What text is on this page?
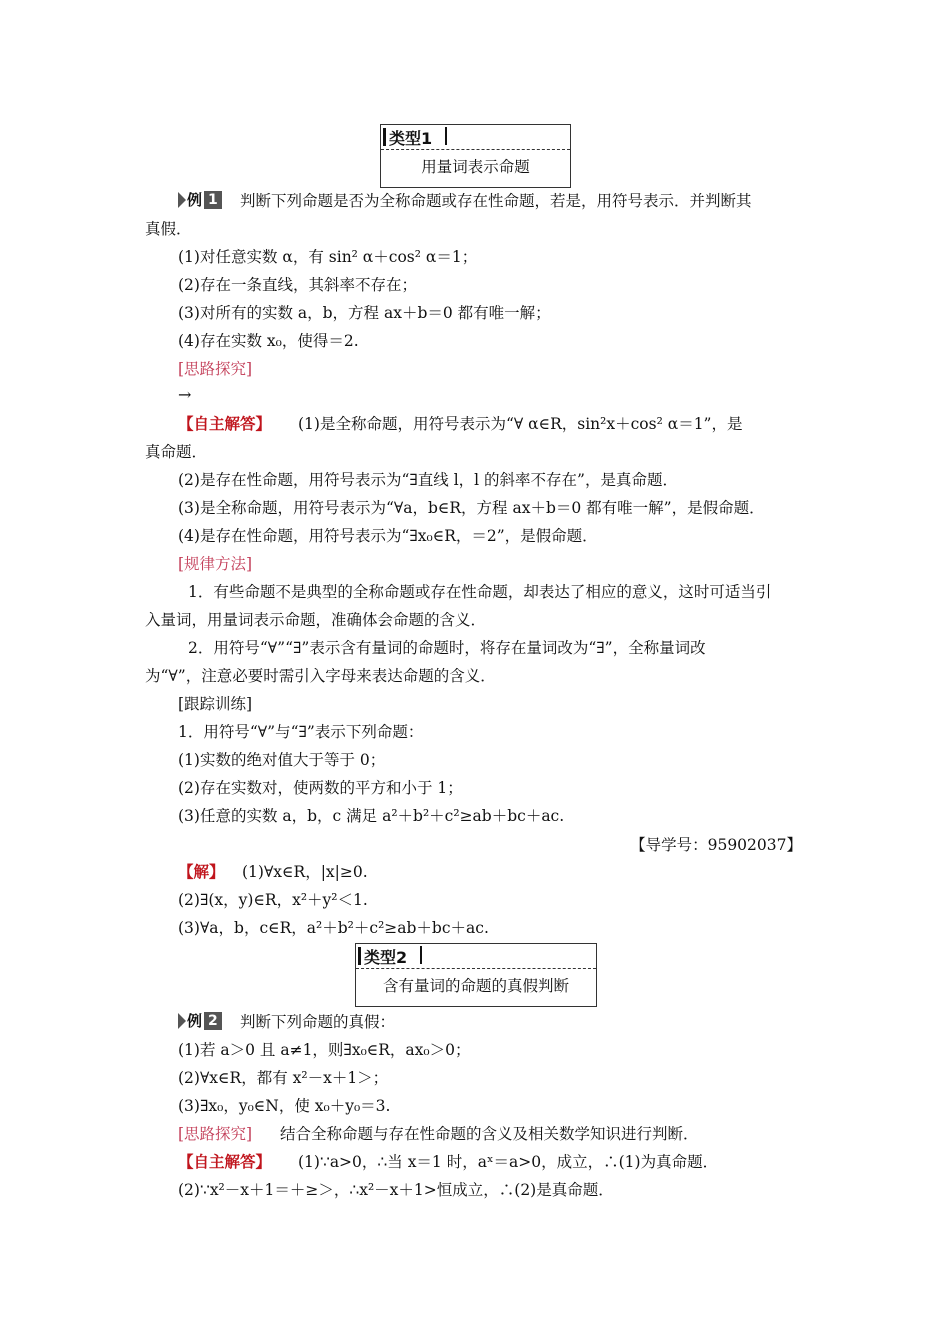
类型1
用量词表示命题
例 1 判断下列命题是否为全称命题或存在性命题，若是，用符号表示．并判断其
真假．
(1)对任意实数 α，有 sin² α＋cos² α＝1；
(2)存在一条直线，其斜率不存在；
(3)对所有的实数 a，b，方程 ax＋b＝0 都有唯一解；
(4)存在实数 x₀，使得＝2.
[思路探究]
→
【自主解答】 (1)是全称命题，用符号表示为“∀ α∈R，sin²x＋cos² α＝1”，是
真命题．
(2)是存在性命题，用符号表示为“∃直线 l，l 的斜率不存在”，是真命题．
(3)是全称命题，用符号表示为“∀a，b∈R，方程 ax＋b＝0 都有唯一解”，是假命题．
(4)是存在性命题，用符号表示为“∃x₀∈R，＝2”，是假命题．
[规律方法]
1．有些命题不是典型的全称命题或存在性命题，却表达了相应的意义，这时可适当引
入量词，用量词表示命题，准确体会命题的含义．
2．用符号“∀”“∃”表示含有量词的命题时，将存在量词改为“∃”，全称量词改
为“∀”，注意必要时需引入字母来表达命题的含义．
[跟踪训练]
1．用符号“∀”与“∃”表示下列命题：
(1)实数的绝对值大于等于 0；
(2)存在实数对，使两数的平方和小于 1；
(3)任意的实数 a，b，c 满足 a²＋b²＋c²≥ab＋bc＋ac.
【导学号：95902037】
【解】 (1)∀x∈R，|x|≥0.
(2)∃(x，y)∈R，x²＋y²＜1.
(3)∀a，b，c∈R，a²＋b²＋c²≥ab＋bc＋ac.
类型2
含有量词的命题的真假判断
例 2 判断下列命题的真假：
(1)若 a＞0 且 a≠1，则∃x₀∈R，ax₀＞0；
(2)∀x∈R，都有 x²－x＋1＞；
(3)∃x₀，y₀∈N，使 x₀＋y₀＝3.
[思路探究] 结合全称命题与存在性命题的含义及相关数学知识进行判断．
【自主解答】 (1)∵a>0，∴当 x＝1 时，aˣ＝a>0，成立，∴(1)为真命题．
(2)∵x²－x＋1＝＋≥＞，∴x²－x＋1>恒成立，∴(2)是真命题．
